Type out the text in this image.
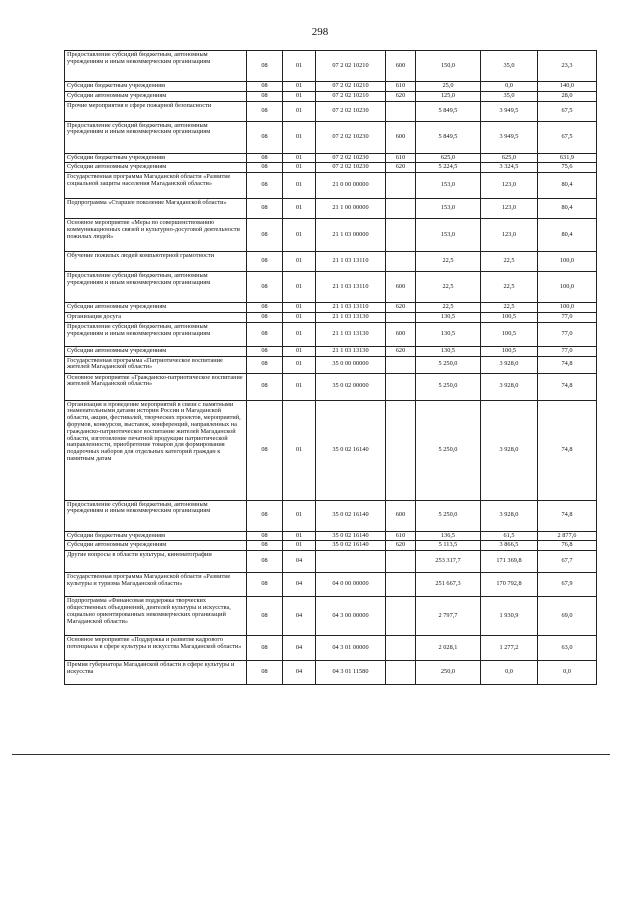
298
Предоставление субсидий бюджетным, автономным учреждениям и иным некоммерческим организациям	08	01	07 2 02 10210	600	150,0	35,0	23,3
Субсидии бюджетным учреждениям	08	01	07 2 02 10210	610	25,0	0,0	140,0
Субсидии автономным учреждениям	08	01	07 2 02 10210	620	125,0	35,0	28,0
Прочие мероприятия в сфере пожарной безопасности	08	01	07 2 02 10230		5 849,5	3 949,5	67,5
Предоставление субсидий бюджетным, автономным учреждениям и иным некоммерческим организациям	08	01	07 2 02 10230	600	5 849,5	3 949,5	67,5
Субсидии бюджетным учреждениям	08	01	07 2 02 10230	610	625,0	625,0	631,9
Субсидии автономным учреждениям	08	01	07 2 02 10230	620	5 224,5	3 324,5	75,6
Государственная программа Магаданской области «Развитие социальной защиты населения Магаданской области»	08	01	21 0 00 00000		153,0	123,0	80,4
Подпрограмма «Старшее поколение Магаданской области»	08	01	21 1 00 00000		153,0	123,0	80,4
Основное мероприятие «Меры по совершенствованию коммуникационных связей и культурно-досуговой деятельности пожилых людей»	08	01	21 1 03 00000		153,0	123,0	80,4
Обучение пожилых людей компьютерной грамотности	08	01	21 1 03 13110		22,5	22,5	100,0
Предоставление субсидий бюджетным, автономным учреждениям и иным некоммерческим организациям	08	01	21 1 03 13110	600	22,5	22,5	100,0
Субсидии автономным учреждениям	08	01	21 1 03 13110	620	22,5	22,5	100,0
Организация досуга	08	01	21 1 03 13130		130,5	100,5	77,0
Предоставление субсидий бюджетным, автономным учреждениям и иным некоммерческим организациям	08	01	21 1 03 13130	600	130,5	100,5	77,0
Субсидии автономным учреждениям	08	01	21 1 03 13130	620	130,5	100,5	77,0
Государственная программа «Патриотическое воспитание жителей Магаданской области»	08	01	35 0 00 00000		5 250,0	3 928,0	74,8
Основное мероприятие «Гражданско-патриотическое воспитание жителей Магаданской области»	08	01	35 0 02 00000		5 250,0	3 928,0	74,8
Организация и проведение мероприятий в связи с памятными знаменательными датами истории России и Магаданской области, акции, фестивалей, творческих проектов, мероприятий, форумов, конкурсов, выставок, конференций, направленных на гражданско-патриотическое воспитание жителей Магаданской области, изготовление печатной продукции патриотической направленности, приобретение товаров для формирования подарочных наборов для отдельных категорий граждан к памятным датам	08	01	35 0 02 16140		5 250,0	3 928,0	74,8
Предоставление субсидий бюджетным, автономным учреждениям и иным некоммерческим организациям	08	01	35 0 02 16140	600	5 250,0	3 928,0	74,8
Субсидии бюджетным учреждениям	08	01	35 0 02 16140	610	136,5	61,5	2 877,6
Субсидии автономным учреждениям	08	01	35 0 02 16140	620	5 113,5	3 866,5	76,8
Другие вопросы в области культуры, кинематографии	08	04			253 317,7	171 369,8	67,7
Государственная программа Магаданской области «Развитие культуры и туризма Магаданской области»	08	04	04 0 00 00000		251 667,3	170 792,8	67,9
Подпрограмма «Финансовая поддержка творческих общественных объединений, деятелей культуры и искусства, социально ориентированных некоммерческих организаций Магаданской области»	08	04	04 3 00 00000		2 797,7	1 930,9	69,0
Основное мероприятие «Поддержка и развитие кадрового потенциала в сфере культуры и искусства Магаданской области»	08	04	04 3 01 00000		2 028,1	1 277,2	63,0
Премия губернатора Магаданской области в сфере культуры и искусства	08	04	04 3 01 11580		250,0	0,0	0,0
